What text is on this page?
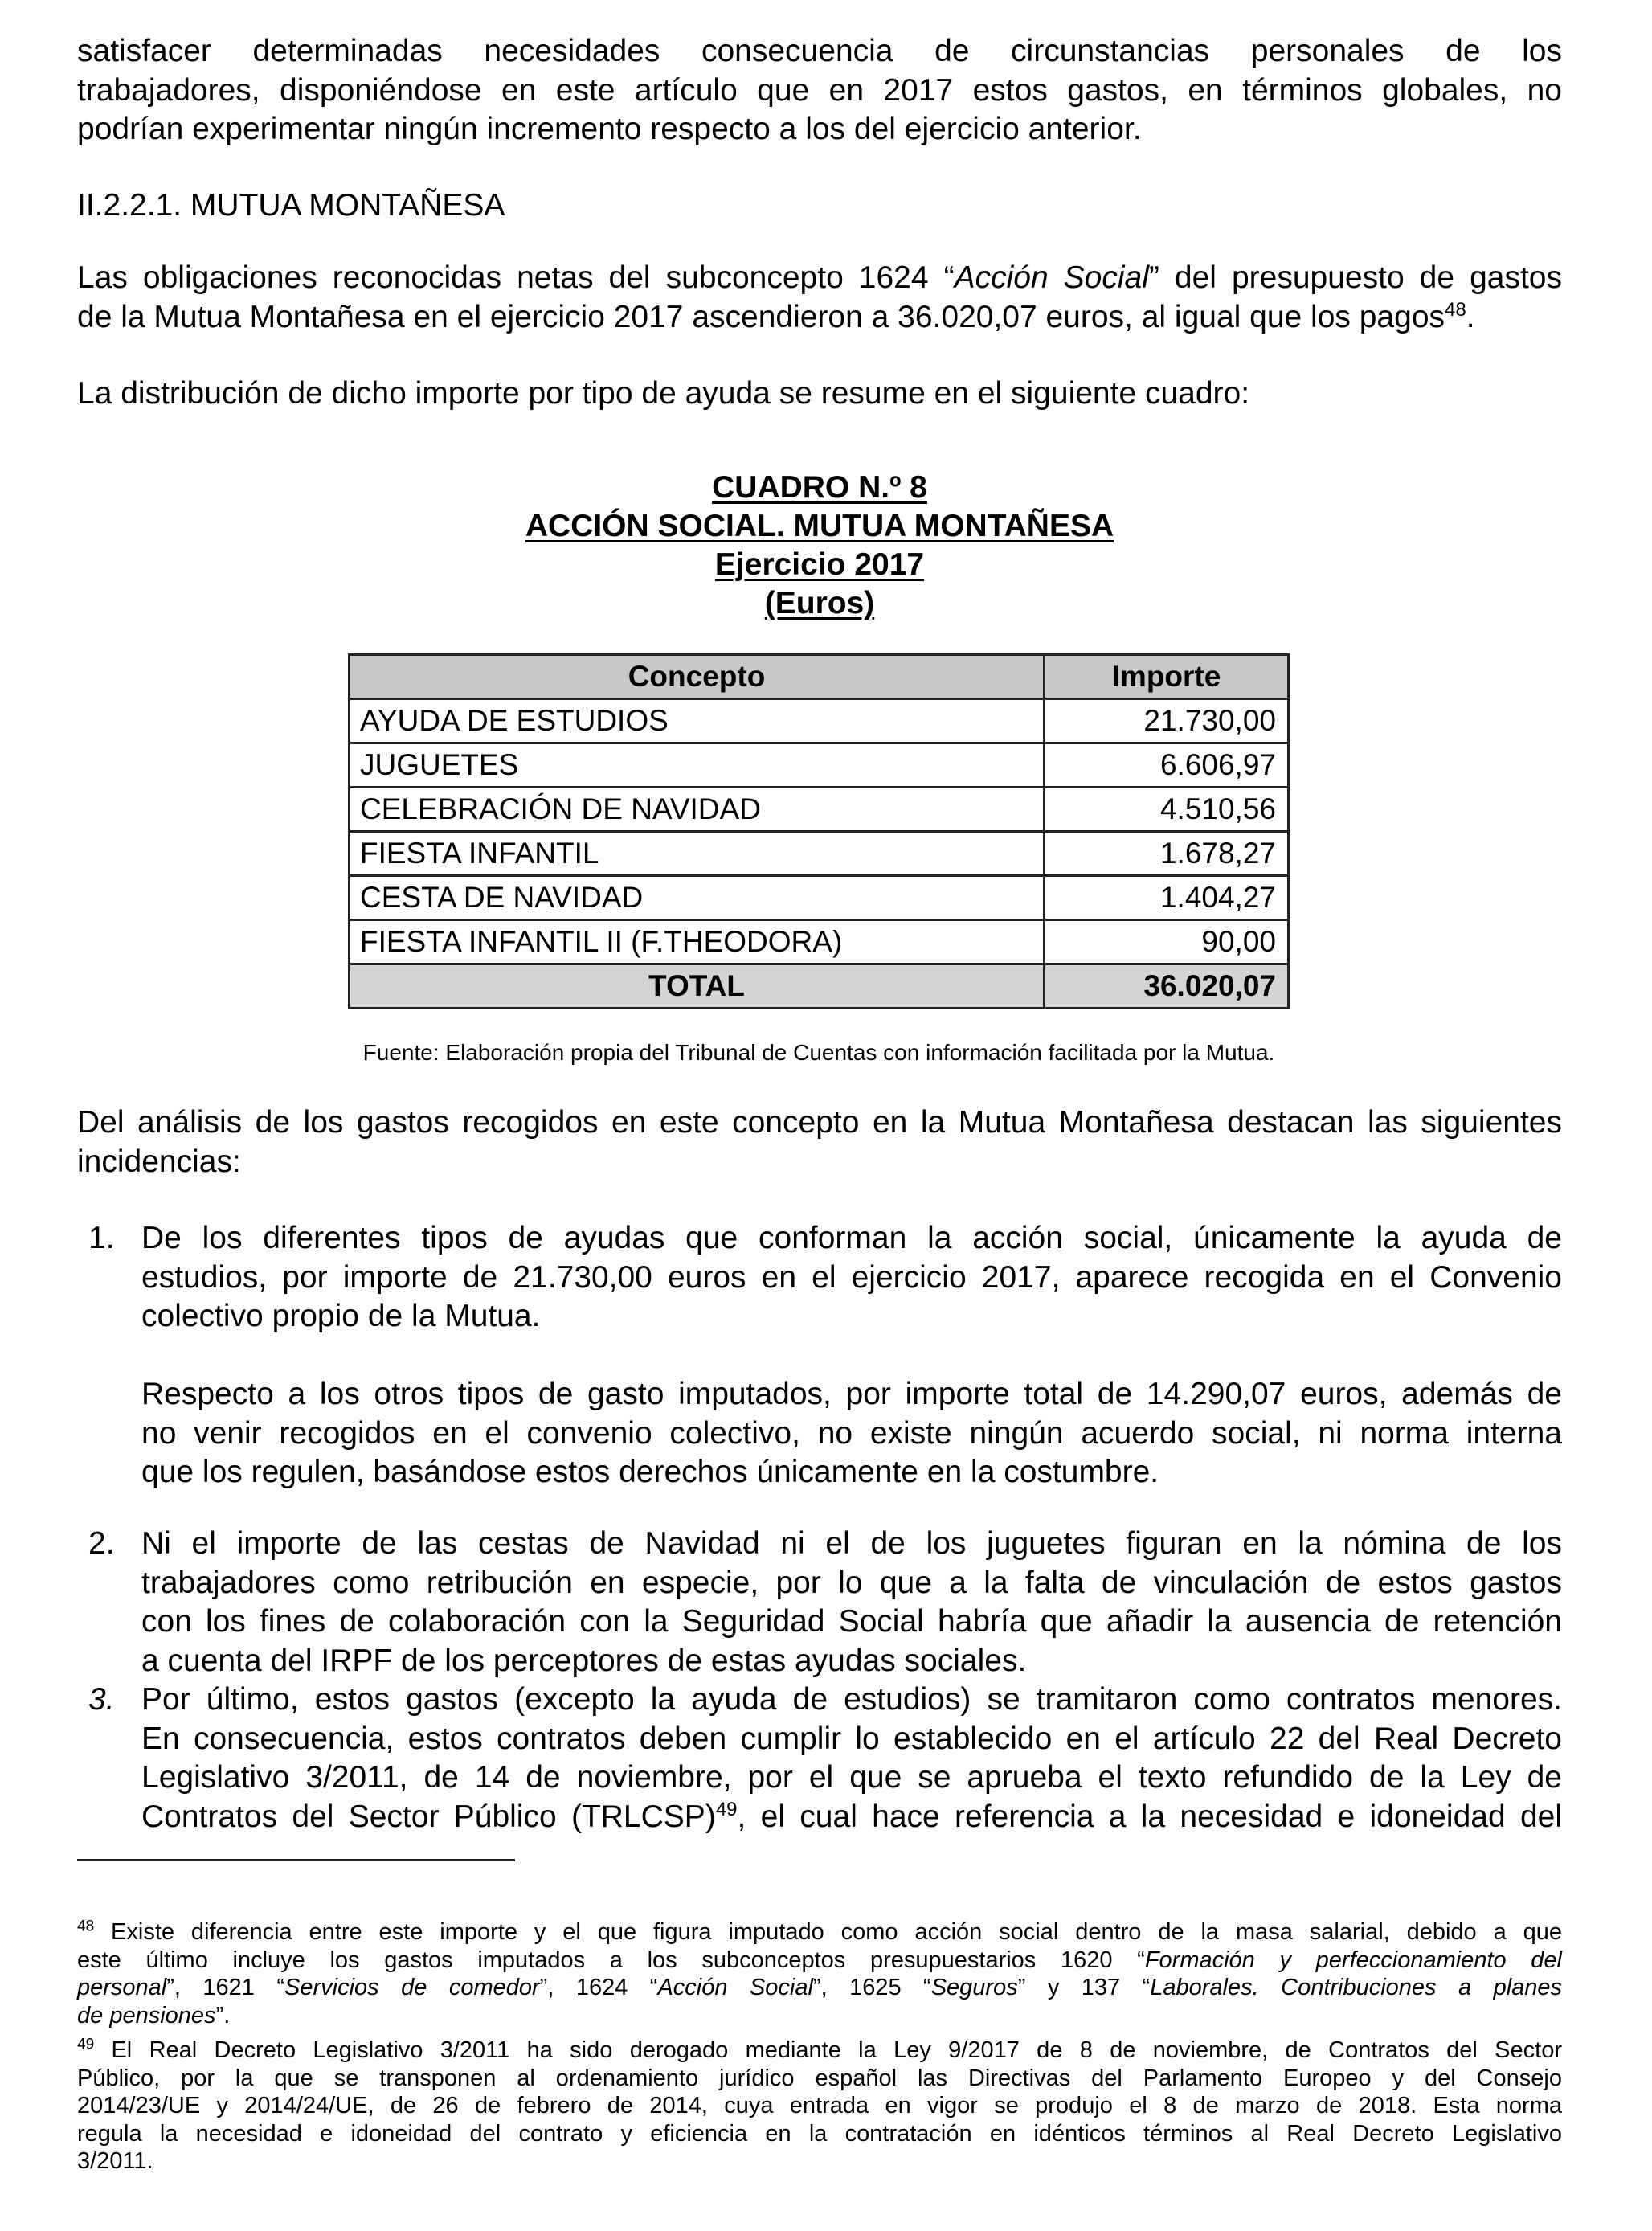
satisfacer determinadas necesidades consecuencia de circunstancias personales de los
trabajadores, disponiéndose en este artículo que en 2017 estos gastos, en términos globales, no
podrían experimentar ningún incremento respecto a los del ejercicio anterior.
II.2.2.1. MUTUA MONTAÑESA
Las obligaciones reconocidas netas del subconcepto 1624 “Acción Social” del presupuesto de gastos
de la Mutua Montañesa en el ejercicio 2017 ascendieron a 36.020,07 euros, al igual que los pagos$^{48}$.
La distribución de dicho importe por tipo de ayuda se resume en el siguiente cuadro:
CUADRO N.º 8
ACCIÓN SOCIAL. MUTUA MONTAÑESA
Ejercicio 2017
(Euros)
Concepto	Importe
AYUDA DE ESTUDIOS	21.730,00
JUGUETES	6.606,97
CELEBRACIÓN DE NAVIDAD	4.510,56
FIESTA INFANTIL	1.678,27
CESTA DE NAVIDAD	1.404,27
FIESTA INFANTIL II (F.THEODORA)	90,00
TOTAL	36.020,07
Fuente: Elaboración propia del Tribunal de Cuentas con información facilitada por la Mutua.
Del análisis de los gastos recogidos en este concepto en la Mutua Montañesa destacan las siguientes
incidencias:
1. De los diferentes tipos de ayudas que conforman la acción social, únicamente la ayuda de
estudios, por importe de 21.730,00 euros en el ejercicio 2017, aparece recogida en el Convenio
colectivo propio de la Mutua.
Respecto a los otros tipos de gasto imputados, por importe total de 14.290,07 euros, además de
no venir recogidos en el convenio colectivo, no existe ningún acuerdo social, ni norma interna
que los regulen, basándose estos derechos únicamente en la costumbre.
2. Ni el importe de las cestas de Navidad ni el de los juguetes figuran en la nómina de los
trabajadores como retribución en especie, por lo que a la falta de vinculación de estos gastos
con los fines de colaboración con la Seguridad Social habría que añadir la ausencia de retención
a cuenta del IRPF de los perceptores de estas ayudas sociales.
3. Por último, estos gastos (excepto la ayuda de estudios) se tramitaron como contratos menores.
En consecuencia, estos contratos deben cumplir lo establecido en el artículo 22 del Real Decreto
Legislativo 3/2011, de 14 de noviembre, por el que se aprueba el texto refundido de la Ley de
Contratos del Sector Público (TRLCSP)$^{49}$, el cual hace referencia a la necesidad e idoneidad del
$^{48}$ Existe diferencia entre este importe y el que figura imputado como acción social dentro de la masa salarial, debido a que
este último incluye los gastos imputados a los subconceptos presupuestarios 1620 “Formación y perfeccionamiento del
personal”, 1621 “Servicios de comedor”, 1624 “Acción Social”, 1625 “Seguros” y 137 “Laborales. Contribuciones a planes
de pensiones”.
$^{49}$ El Real Decreto Legislativo 3/2011 ha sido derogado mediante la Ley 9/2017 de 8 de noviembre, de Contratos del Sector
Público, por la que se transponen al ordenamiento jurídico español las Directivas del Parlamento Europeo y del Consejo
2014/23/UE y 2014/24/UE, de 26 de febrero de 2014, cuya entrada en vigor se produjo el 8 de marzo de 2018. Esta norma
regula la necesidad e idoneidad del contrato y eficiencia en la contratación en idénticos términos al Real Decreto Legislativo
3/2011.
